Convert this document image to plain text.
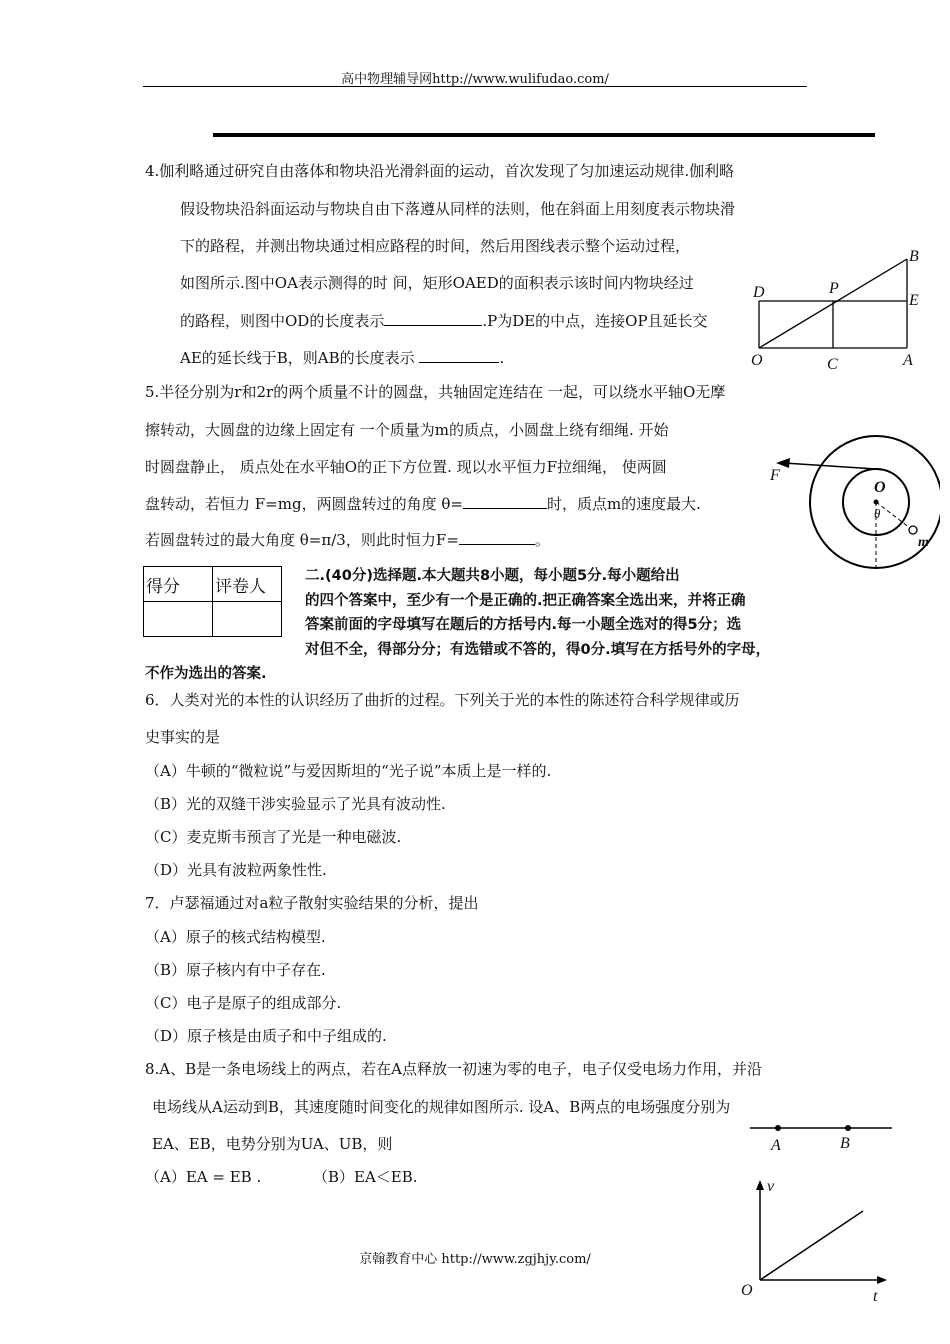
高中物理辅导网http://www.wulifudao.com/
4.伽利略通过研究自由落体和物块沿光滑斜面的运动，首次发现了匀加速运动规律.伽利略
假设物块沿斜面运动与物块自由下落遵从同样的法则，他在斜面上用刻度表示物块滑
下的路程，并测出物块通过相应路程的时间，然后用图线表示整个运动过程，
如图所示.图中OA表示测得的时 间，矩形OAED的面积表示该时间内物块经过
的路程，则图中OD的长度表示	.P为DE的中点，连接OP且延长交
AE的延长线于B，则AB的长度表示	.
B
D	P
E
O	C	A
5.半径分别为r和2r的两个质量不计的圆盘，共轴固定连结在 一起，可以绕水平轴O无摩
擦转动，大圆盘的边缘上固定有 一个质量为m的质点，小圆盘上绕有细绳. 开始
时圆盘静止， 质点处在水平轴O的正下方位置. 现以水平恒力F拉细绳， 使两圆
盘转动，若恒力 F=mg，两圆盘转过的角度 θ=	时，质点m的速度最大.
若圆盘转过的最大角度 θ=π/3，则此时恒力F=	。
F
O
θ
m
得分	评卷人

二.(40分)选择题.本大题共8小题，每小题5分.每小题给出
的四个答案中，至少有一个是正确的.把正确答案全选出来，并将正确
答案前面的字母填写在题后的方括号内.每一小题全选对的得5分；选
对但不全，得部分分；有选错或不答的，得0分.填写在方括号外的字母，
不作为选出的答案.
6．人类对光的本性的认识经历了曲折的过程。下列关于光的本性的陈述符合科学规律或历
史事实的是
（A）牛顿的“微粒说”与爱因斯坦的“光子说”本质上是一样的.
（B）光的双缝干涉实验显示了光具有波动性.
（C）麦克斯韦预言了光是一种电磁波.
（D）光具有波粒两象性性.
7．卢瑟福通过对a粒子散射实验结果的分析，提出
（A）原子的核式结构模型.
（B）原子核内有中子存在.
（C）电子是原子的组成部分.
（D）原子核是由质子和中子组成的.
8.A、B是一条电场线上的两点，若在A点释放一初速为零的电子，电子仅受电场力作用，并沿
电场线从A运动到B，其速度随时间变化的规律如图所示. 设A、B两点的电场强度分别为
EA、EB，电势分别为UA、UB，则
（A）EA = EB .	（B）EA＜EB.
A	B
v
O	t
京翰教育中心 http://www.zgjhjy.com/
